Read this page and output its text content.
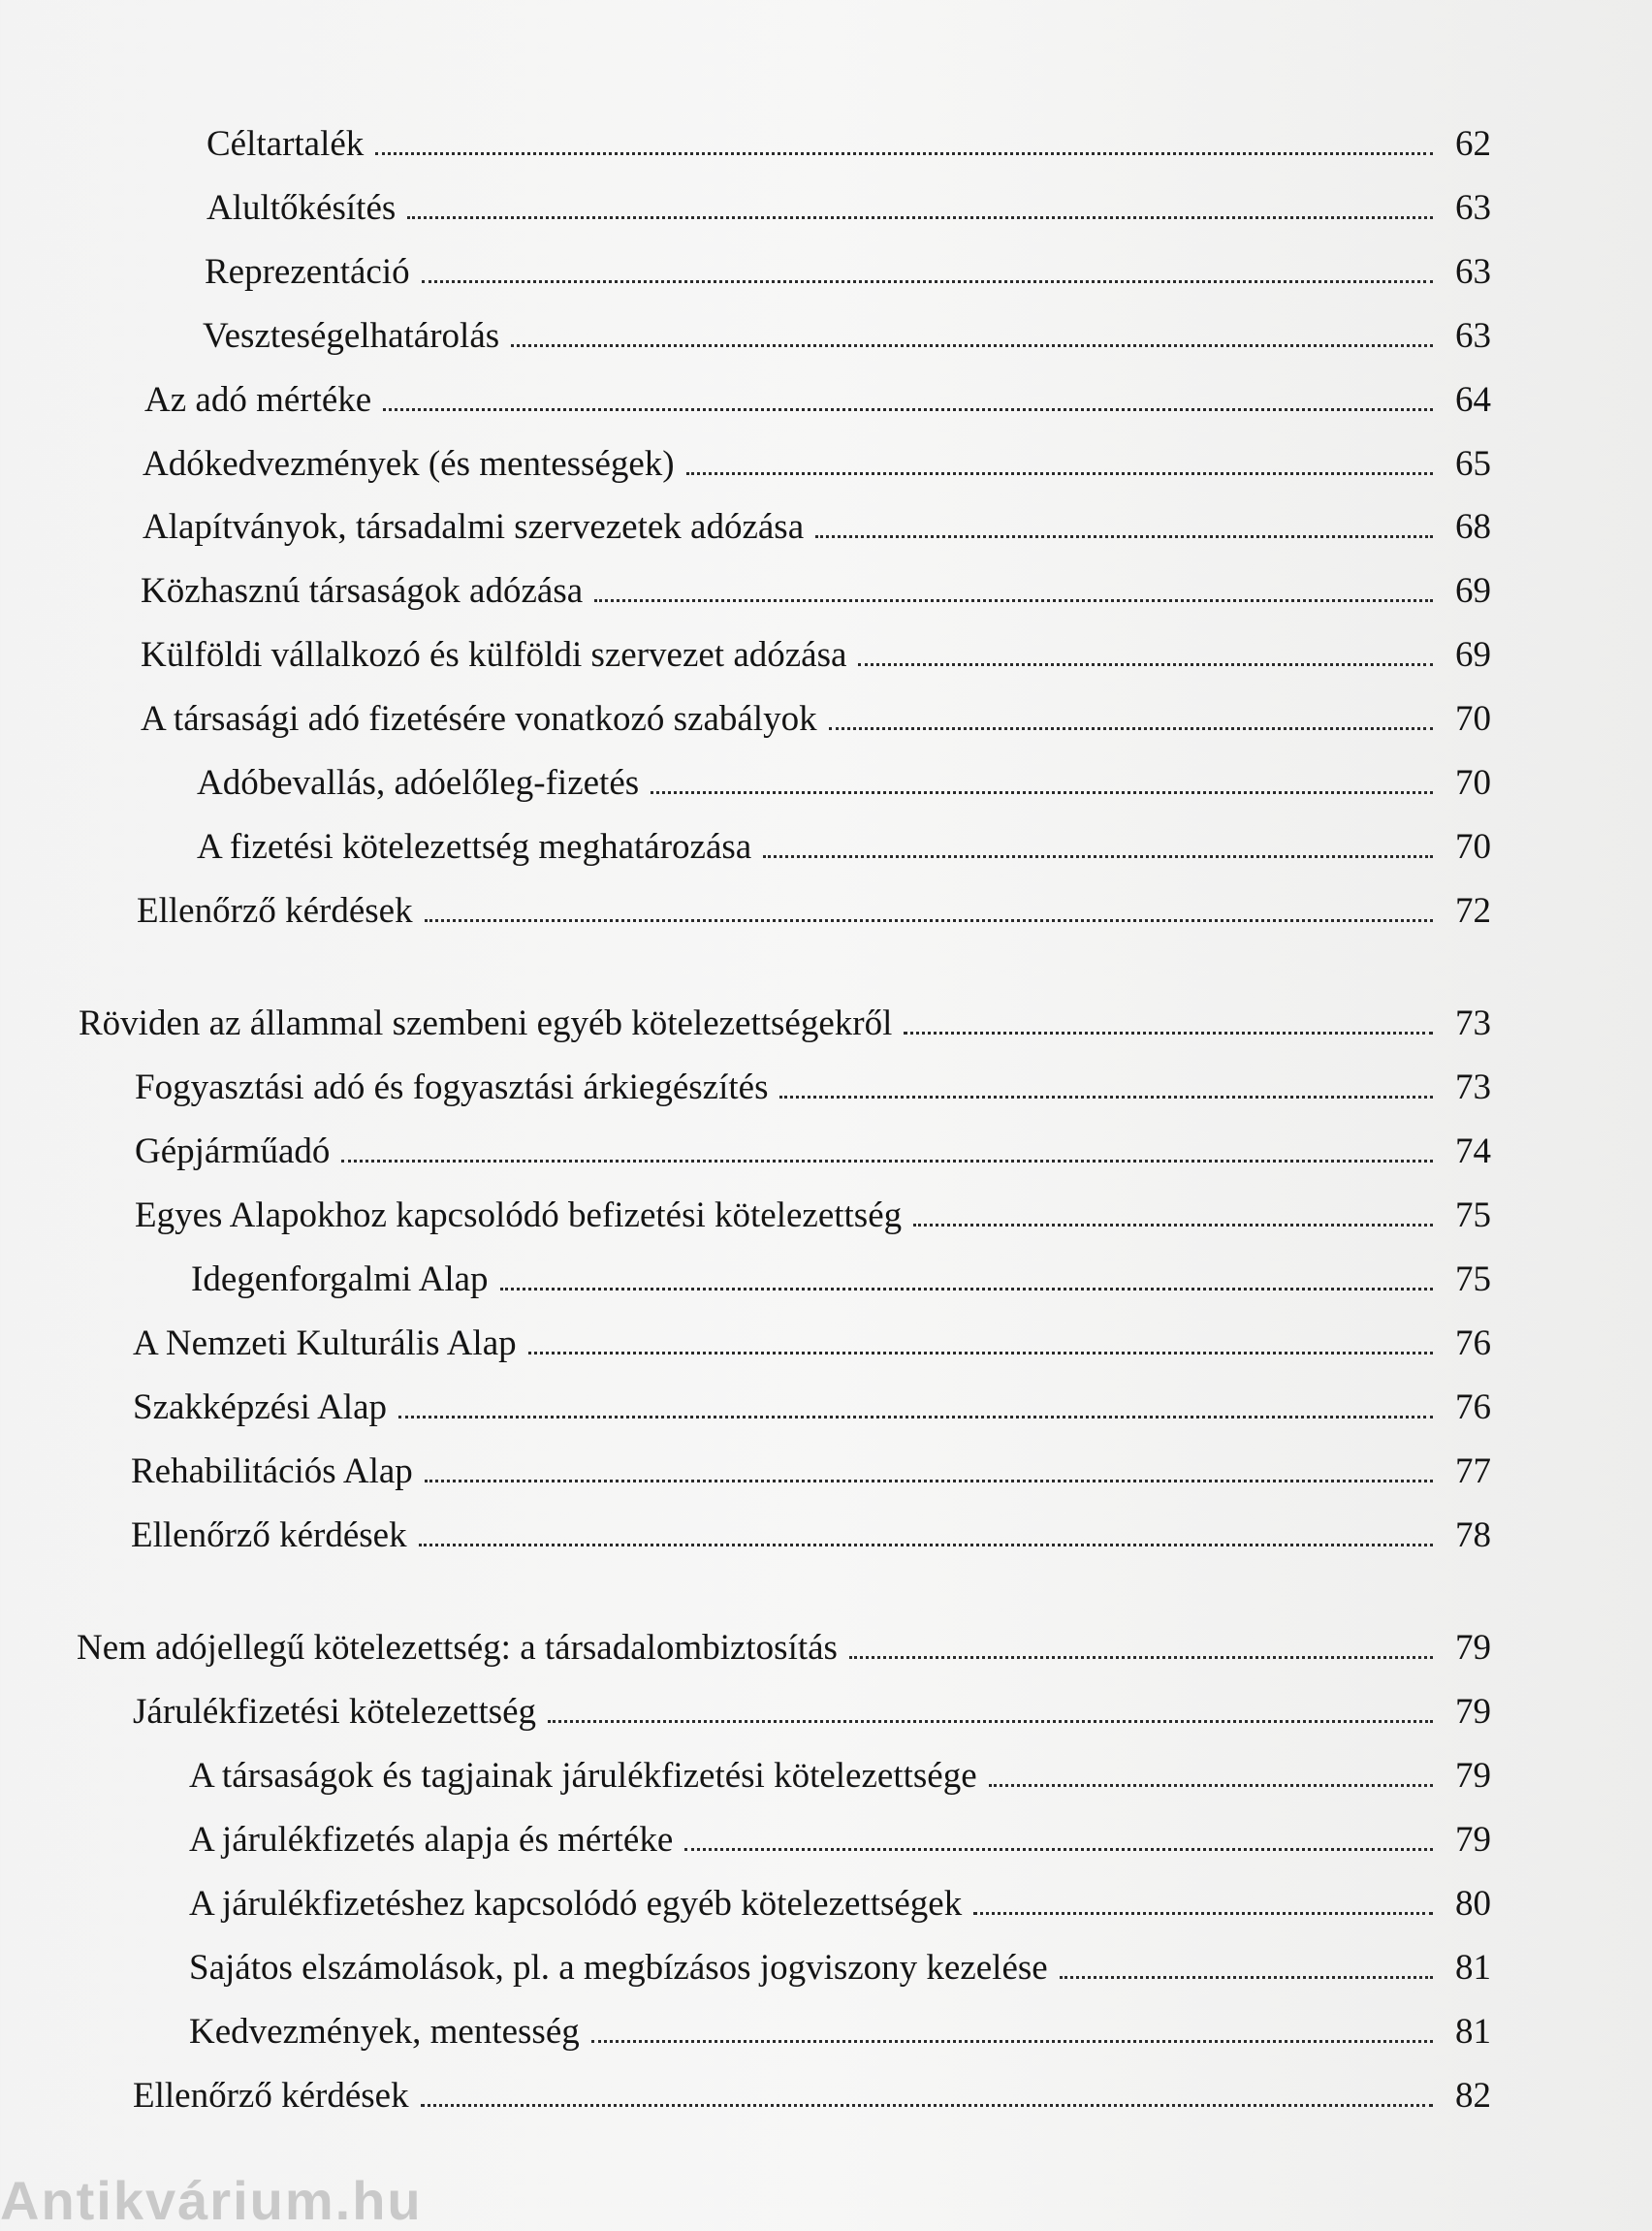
Céltartalék	62
Alultőkésítés	63
Reprezentáció	63
Veszteségelhatárolás	63
Az adó mértéke	64
Adókedvezmények (és mentességek)	65
Alapítványok, társadalmi szervezetek adózása	68
Közhasznú társaságok adózása	69
Külföldi vállalkozó és külföldi szervezet adózása	69
A társasági adó fizetésére vonatkozó szabályok	70
Adóbevallás, adóelőleg-fizetés	70
A fizetési kötelezettség meghatározása	70
Ellenőrző kérdések	72
Röviden az állammal szembeni egyéb kötelezettségekről	73
Fogyasztási adó és fogyasztási árkiegészítés	73
Gépjárműadó	74
Egyes Alapokhoz kapcsolódó befizetési kötelezettség	75
Idegenforgalmi Alap	75
A Nemzeti Kulturális Alap	76
Szakképzési Alap	76
Rehabilitációs Alap	77
Ellenőrző kérdések	78
Nem adójellegű kötelezettség: a társadalombiztosítás	79
Járulékfizetési kötelezettség	79
A társaságok és tagjainak járulékfizetési kötelezettsége	79
A járulékfizetés alapja és mértéke	79
A járulékfizetéshez kapcsolódó egyéb kötelezettségek	80
Sajátos elszámolások, pl. a megbízásos jogviszony kezelése	81
Kedvezmények, mentesség	81
Ellenőrző kérdések	82
Antikvárium.hu
